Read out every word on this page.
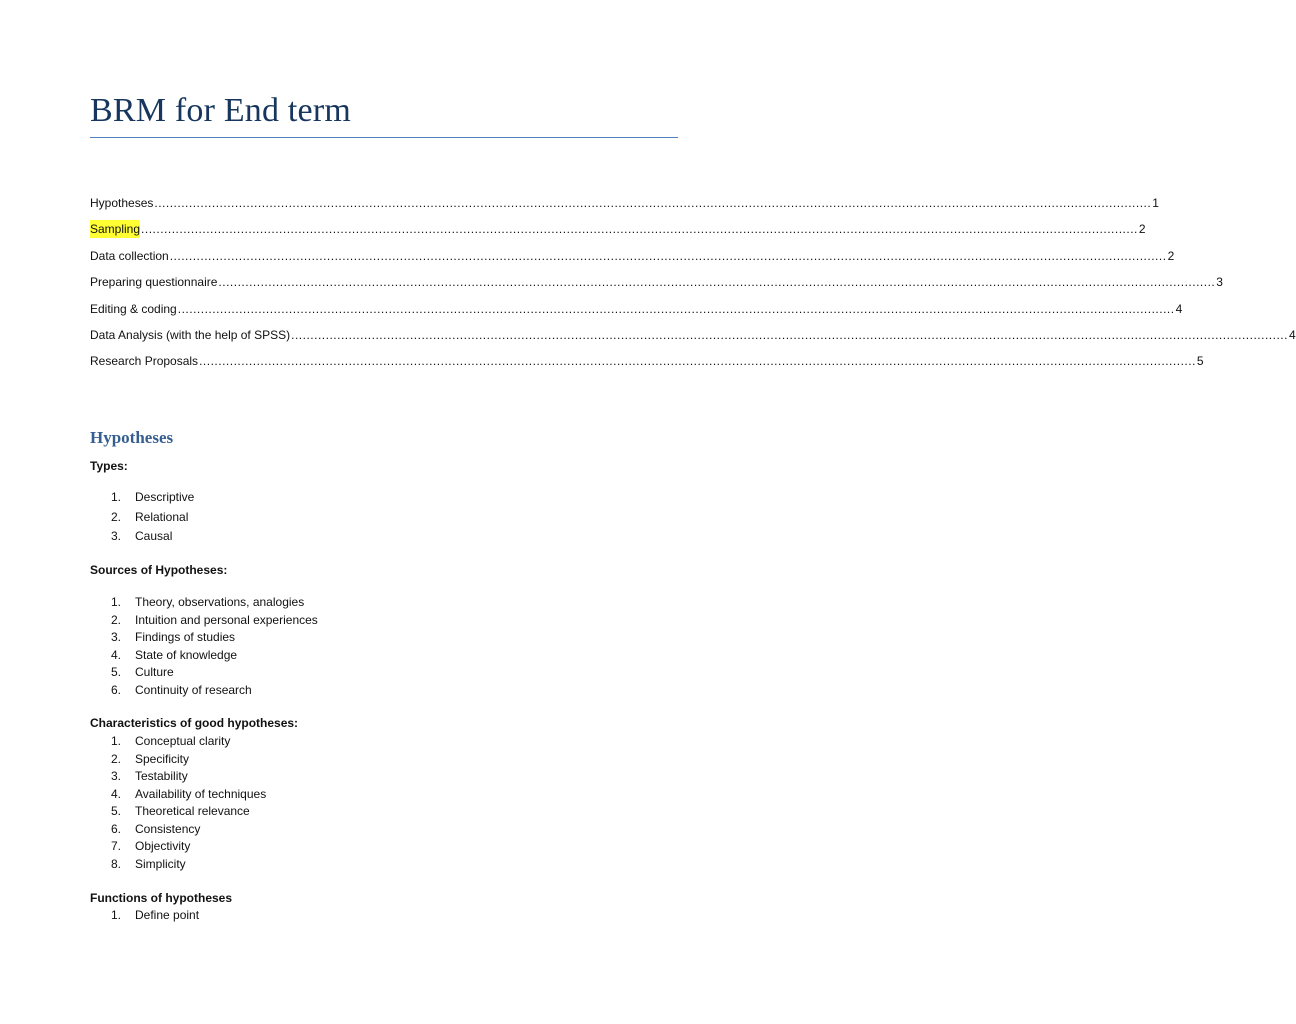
BRM for End term
Hypotheses .................................................................................................................................................................................................................................................................... 1
Sampling .................................................................................................................................................................................................................................................................... 2
Data collection .................................................................................................................................................................................................................................................................... 2
Preparing questionnaire .................................................................................................................................................................................................................................................................... 3
Editing & coding .................................................................................................................................................................................................................................................................... 4
Data Analysis (with the help of SPSS) .................................................................................................................................................................................................................................................................... 4
Research Proposals .................................................................................................................................................................................................................................................................... 5
Hypotheses

Types:

1.	Descriptive
2.	Relational
3.	Causal

Sources of Hypotheses:

1.	Theory, observations, analogies
2.	Intuition and personal experiences
3.	Findings of studies
4.	State of knowledge
5.	Culture
6.	Continuity of research

Characteristics of good hypotheses:

1.	Conceptual clarity
2.	Specificity
3.	Testability
4.	Availability of techniques
5.	Theoretical relevance
6.	Consistency
7.	Objectivity
8.	Simplicity

Functions of hypotheses

1.	Define point
